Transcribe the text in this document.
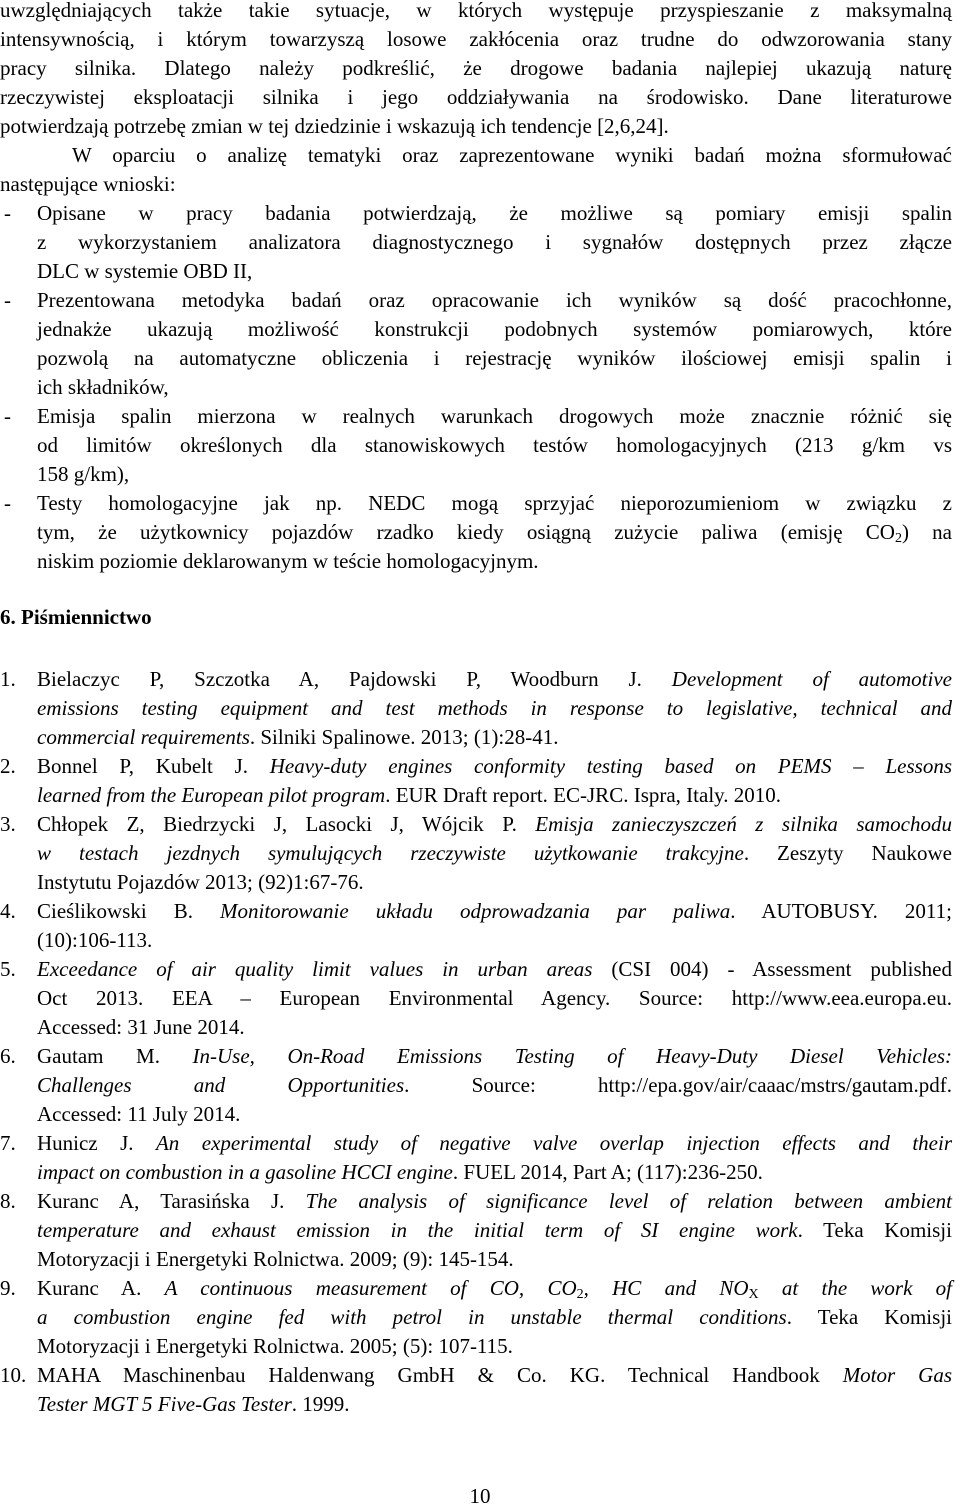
uwzględniających także takie sytuacje, w których występuje przyspieszanie z maksymalną
intensywnością, i którym towarzyszą losowe zakłócenia oraz trudne do odwzorowania stany
pracy silnika. Dlatego należy podkreślić, że drogowe badania najlepiej ukazują naturę
rzeczywistej eksploatacji silnika i jego oddziaływania na środowisko. Dane literaturowe
potwierdzają potrzebę zmian w tej dziedzinie i wskazują ich tendencje [2,6,24].
W oparciu o analizę tematyki oraz zaprezentowane wyniki badań można sformułować
następujące wnioski:
- Opisane w pracy badania potwierdzają, że możliwe są pomiary emisji spalin
z wykorzystaniem analizatora diagnostycznego i sygnałów dostępnych przez złącze
DLC w systemie OBD II,
- Prezentowana metodyka badań oraz opracowanie ich wyników są dość pracochłonne,
jednakże ukazują możliwość konstrukcji podobnych systemów pomiarowych, które
pozwolą na automatyczne obliczenia i rejestrację wyników ilościowej emisji spalin i
ich składników,
- Emisja spalin mierzona w realnych warunkach drogowych może znacznie różnić się
od limitów określonych dla stanowiskowych testów homologacyjnych (213 g/km vs
158 g/km),
- Testy homologacyjne jak np. NEDC mogą sprzyjać nieporozumieniom w związku z
tym, że użytkownicy pojazdów rzadko kiedy osiągną zużycie paliwa (emisję $CO_2$) na
niskim poziomie deklarowanym w teście homologacyjnym.
6. Piśmiennictwo
1. Bielaczyc P, Szczotka A, Pajdowski P, Woodburn J. Development of automotive
emissions testing equipment and test methods in response to legislative, technical and
commercial requirements. Silniki Spalinowe. 2013; (1):28-41.
2. Bonnel P, Kubelt J. Heavy-duty engines conformity testing based on PEMS – Lessons
learned from the European pilot program. EUR Draft report. EC-JRC. Ispra, Italy. 2010.
3. Chłopek Z, Biedrzycki J, Lasocki J, Wójcik P. Emisja zanieczyszczeń z silnika samochodu
w testach jezdnych symulujących rzeczywiste użytkowanie trakcyjne. Zeszyty Naukowe
Instytutu Pojazdów 2013; (92)1:67-76.
4. Cieślikowski B. Monitorowanie układu odprowadzania par paliwa. AUTOBUSY. 2011;
(10):106-113.
5. Exceedance of air quality limit values in urban areas (CSI 004) - Assessment published
Oct 2013. EEA – European Environmental Agency. Source: http://www.eea.europa.eu.
Accessed: 31 June 2014.
6. Gautam M. In-Use, On-Road Emissions Testing of Heavy-Duty Diesel Vehicles:
Challenges and Opportunities. Source: http://epa.gov/air/caaac/mstrs/gautam.pdf.
Accessed: 11 July 2014.
7. Hunicz J. An experimental study of negative valve overlap injection effects and their
impact on combustion in a gasoline HCCI engine. FUEL 2014, Part A; (117):236-250.
8. Kuranc A, Tarasińska J. The analysis of significance level of relation between ambient
temperature and exhaust emission in the initial term of SI engine work. Teka Komisji
Motoryzacji i Energetyki Rolnictwa. 2009; (9): 145-154.
9. Kuranc A. A continuous measurement of CO, $CO_2$, HC and $NO_X$ at the work of
a combustion engine fed with petrol in unstable thermal conditions. Teka Komisji
Motoryzacji i Energetyki Rolnictwa. 2005; (5): 107-115.
10. MAHA Maschinenbau Haldenwang GmbH & Co. KG. Technical Handbook Motor Gas
Tester MGT 5 Five-Gas Tester. 1999.
10
